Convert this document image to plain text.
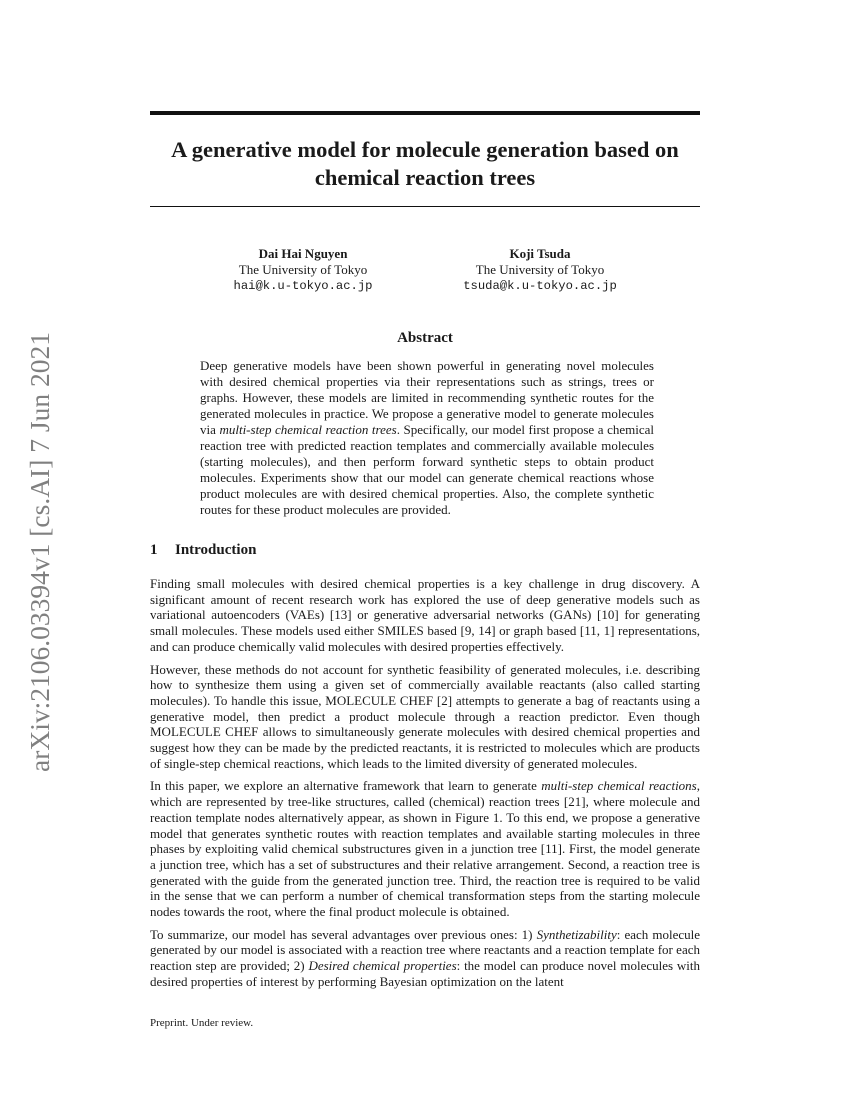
arXiv:2106.03394v1 [cs.AI] 7 Jun 2021
A generative model for molecule generation based on chemical reaction trees
Dai Hai Nguyen
The University of Tokyo
hai@k.u-tokyo.ac.jp
Koji Tsuda
The University of Tokyo
tsuda@k.u-tokyo.ac.jp
Abstract

Deep generative models have been shown powerful in generating novel molecules with desired chemical properties via their representations such as strings, trees or graphs. However, these models are limited in recommending synthetic routes for the generated molecules in practice. We propose a generative model to generate molecules via multi-step chemical reaction trees. Specifically, our model first propose a chemical reaction tree with predicted reaction templates and commercially available molecules (starting molecules), and then perform forward synthetic steps to obtain product molecules. Experiments show that our model can generate chemical reactions whose product molecules are with desired chemical properties. Also, the complete synthetic routes for these product molecules are provided.

1 Introduction

Finding small molecules with desired chemical properties is a key challenge in drug discovery. A significant amount of recent research work has explored the use of deep generative models such as variational autoencoders (VAEs) [13] or generative adversarial networks (GANs) [10] for generating small molecules. These models used either SMILES based [9, 14] or graph based [11, 1] representations, and can produce chemically valid molecules with desired properties effectively.

However, these methods do not account for synthetic feasibility of generated molecules, i.e. describing how to synthesize them using a given set of commercially available reactants (also called starting molecules). To handle this issue, MOLECULE CHEF [2] attempts to generate a bag of reactants using a generative model, then predict a product molecule through a reaction predictor. Even though MOLECULE CHEF allows to simultaneously generate molecules with desired chemical properties and suggest how they can be made by the predicted reactants, it is restricted to molecules which are products of single-step chemical reactions, which leads to the limited diversity of generated molecules.

In this paper, we explore an alternative framework that learn to generate multi-step chemical reactions, which are represented by tree-like structures, called (chemical) reaction trees [21], where molecule and reaction template nodes alternatively appear, as shown in Figure 1. To this end, we propose a generative model that generates synthetic routes with reaction templates and available starting molecules in three phases by exploiting valid chemical substructures given in a junction tree [11]. First, the model generate a junction tree, which has a set of substructures and their relative arrangement. Second, a reaction tree is generated with the guide from the generated junction tree. Third, the reaction tree is required to be valid in the sense that we can perform a number of chemical transformation steps from the starting molecule nodes towards the root, where the final product molecule is obtained.

To summarize, our model has several advantages over previous ones: 1) Synthetizability: each molecule generated by our model is associated with a reaction tree where reactants and a reaction template for each reaction step are provided; 2) Desired chemical properties: the model can produce novel molecules with desired properties of interest by performing Bayesian optimization on the latent

Preprint. Under review.
